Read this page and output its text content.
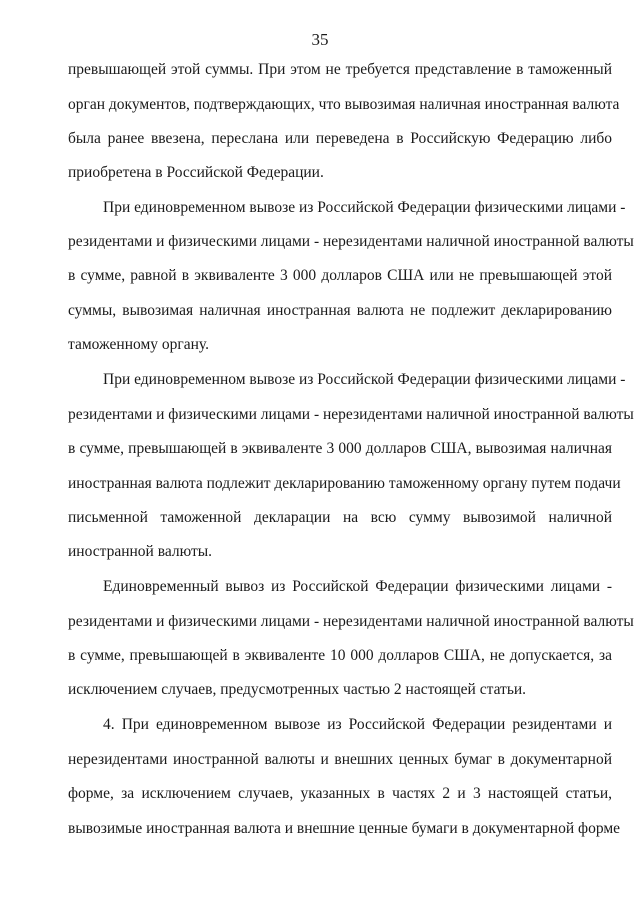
35
превышающей этой суммы. При этом не требуется представление в таможенный
орган документов, подтверждающих, что вывозимая наличная иностранная валюта
была ранее ввезена, переслана или переведена в Российскую Федерацию либо
приобретена в Российской Федерации.
При единовременном вывозе из Российской Федерации физическими лицами -
резидентами и физическими лицами - нерезидентами наличной иностранной валюты
в сумме, равной в эквиваленте 3 000 долларов США или не превышающей этой
суммы, вывозимая наличная иностранная валюта не подлежит декларированию
таможенному органу.
При единовременном вывозе из Российской Федерации физическими лицами -
резидентами и физическими лицами - нерезидентами наличной иностранной валюты
в сумме, превышающей в эквиваленте 3 000 долларов США, вывозимая наличная
иностранная валюта подлежит декларированию таможенному органу путем подачи
письменной таможенной декларации на всю сумму вывозимой наличной
иностранной валюты.
Единовременный вывоз из Российской Федерации физическими лицами -
резидентами и физическими лицами - нерезидентами наличной иностранной валюты
в сумме, превышающей в эквиваленте 10 000 долларов США, не допускается, за
исключением случаев, предусмотренных частью 2 настоящей статьи.
4. При единовременном вывозе из Российской Федерации резидентами и
нерезидентами иностранной валюты и внешних ценных бумаг в документарной
форме, за исключением случаев, указанных в частях 2 и 3 настоящей статьи,
вывозимые иностранная валюта и внешние ценные бумаги в документарной форме
